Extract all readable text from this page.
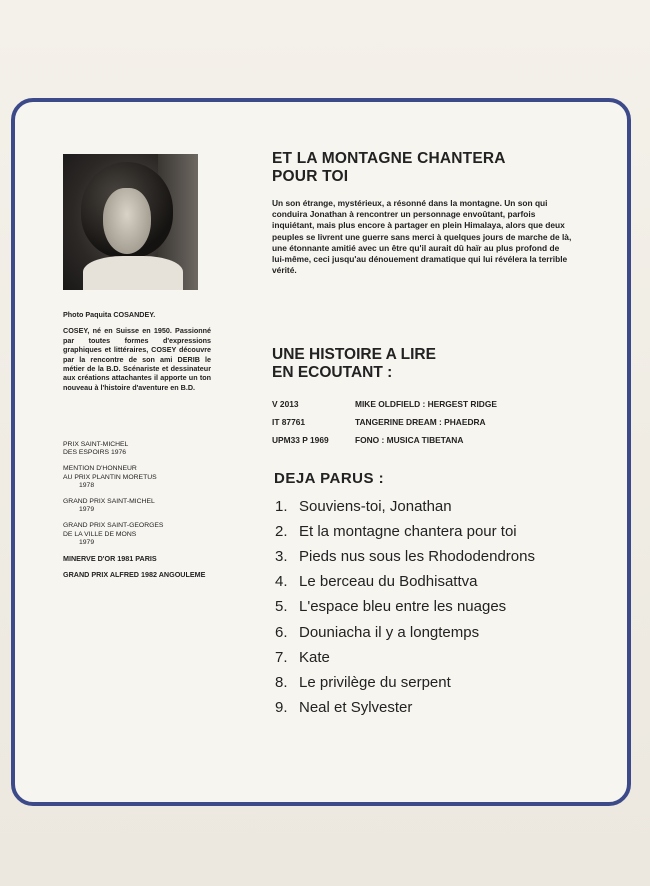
Photo Paquita COSANDEY.

COSEY, né en Suisse en 1950. Passionné par toutes formes d'expressions graphiques et littéraires, COSEY découvre par la rencontre de son ami DERIB le métier de la B.D. Scénariste et dessinateur aux créations attachantes il apporte un ton nouveau à l'histoire d'aventure en B.D.

PRIX SAINT-MICHEL
DES ESPOIRS 1976
MENTION D'HONNEUR
AU PRIX PLANTIN MORETUS
1978
GRAND PRIX SAINT-MICHEL
1979
GRAND PRIX SAINT-GEORGES
DE LA VILLE DE MONS
1979
MINERVE D'OR 1981 PARIS
GRAND PRIX ALFRED 1982 ANGOULEME
ET LA MONTAGNE CHANTERA
POUR TOI

Un son étrange, mystérieux, a résonné dans la montagne. Un son qui conduira Jonathan à rencontrer un personnage envoûtant, parfois inquiétant, mais plus encore à partager en plein Himalaya, alors que deux peuples se livrent une guerre sans merci à quelques jours de marche de là, une étonnante amitié avec un être qu'il aurait dû haïr au plus profond de lui-même, ceci jusqu'au dénouement dramatique qui lui révélera la terrible vérité.

UNE HISTOIRE A LIRE
EN ECOUTANT :
V 2013	MIKE OLDFIELD : HERGEST RIDGE
IT 87761	TANGERINE DREAM : PHAEDRA
UPM33 P 1969	FONO : MUSICA TIBETANA
DEJA PARUS :
1. Souviens-toi, Jonathan
2. Et la montagne chantera pour toi
3. Pieds nus sous les Rhododendrons
4. Le berceau du Bodhisattva
5. L'espace bleu entre les nuages
6. Douniacha il y a longtemps
7. Kate
8. Le privilège du serpent
9. Neal et Sylvester
